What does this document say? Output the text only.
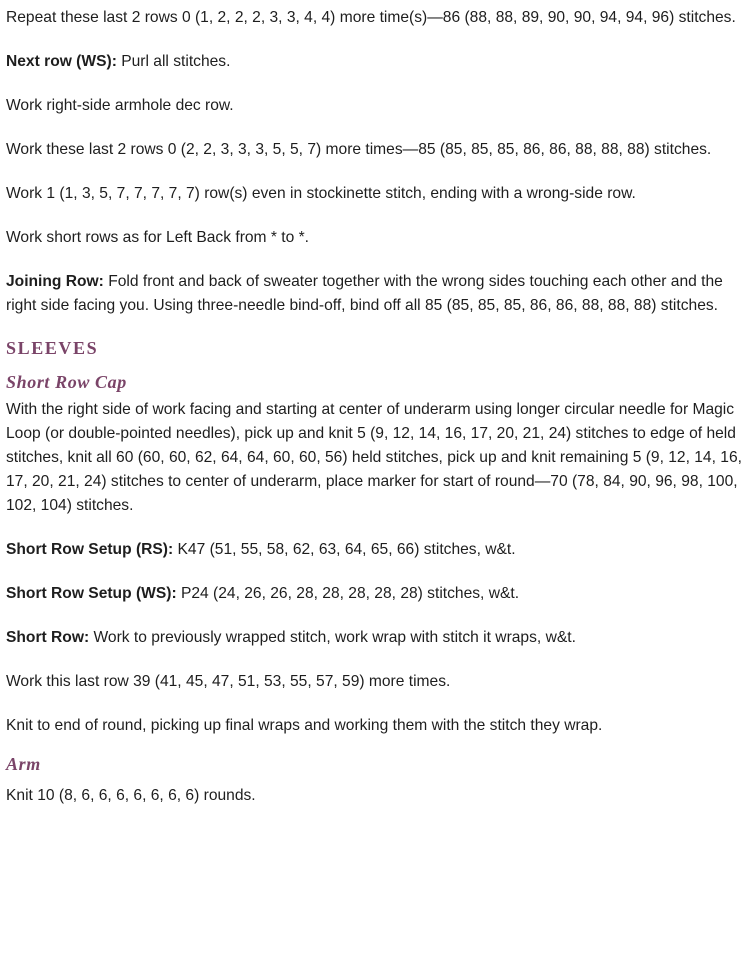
Repeat these last 2 rows 0 (1, 2, 2, 2, 3, 3, 4, 4) more time(s)—86 (88, 88, 89, 90, 90, 94, 94, 96) stitches.

Next row (WS): Purl all stitches.

Work right-side armhole dec row.

Work these last 2 rows 0 (2, 2, 3, 3, 3, 5, 5, 7) more times—85 (85, 85, 85, 86, 86, 88, 88, 88) stitches.

Work 1 (1, 3, 5, 7, 7, 7, 7, 7) row(s) even in stockinette stitch, ending with a wrong-side row.

Work short rows as for Left Back from * to *.

Joining Row: Fold front and back of sweater together with the wrong sides touching each other and the right side facing you. Using three-needle bind-off, bind off all 85 (85, 85, 85, 86, 86, 88, 88, 88) stitches.

SLEEVES
Short Row Cap

With the right side of work facing and starting at center of underarm using longer circular needle for Magic Loop (or double-pointed needles), pick up and knit 5 (9, 12, 14, 16, 17, 20, 21, 24) stitches to edge of held stitches, knit all 60 (60, 60, 62, 64, 64, 60, 60, 56) held stitches, pick up and knit remaining 5 (9, 12, 14, 16, 17, 20, 21, 24) stitches to center of underarm, place marker for start of round—70 (78, 84, 90, 96, 98, 100, 102, 104) stitches.

Short Row Setup (RS): K47 (51, 55, 58, 62, 63, 64, 65, 66) stitches, w&t.

Short Row Setup (WS): P24 (24, 26, 26, 28, 28, 28, 28, 28) stitches, w&t.

Short Row: Work to previously wrapped stitch, work wrap with stitch it wraps, w&t.

Work this last row 39 (41, 45, 47, 51, 53, 55, 57, 59) more times.

Knit to end of round, picking up final wraps and working them with the stitch they wrap.

Arm

Knit 10 (8, 6, 6, 6, 6, 6, 6, 6) rounds.
